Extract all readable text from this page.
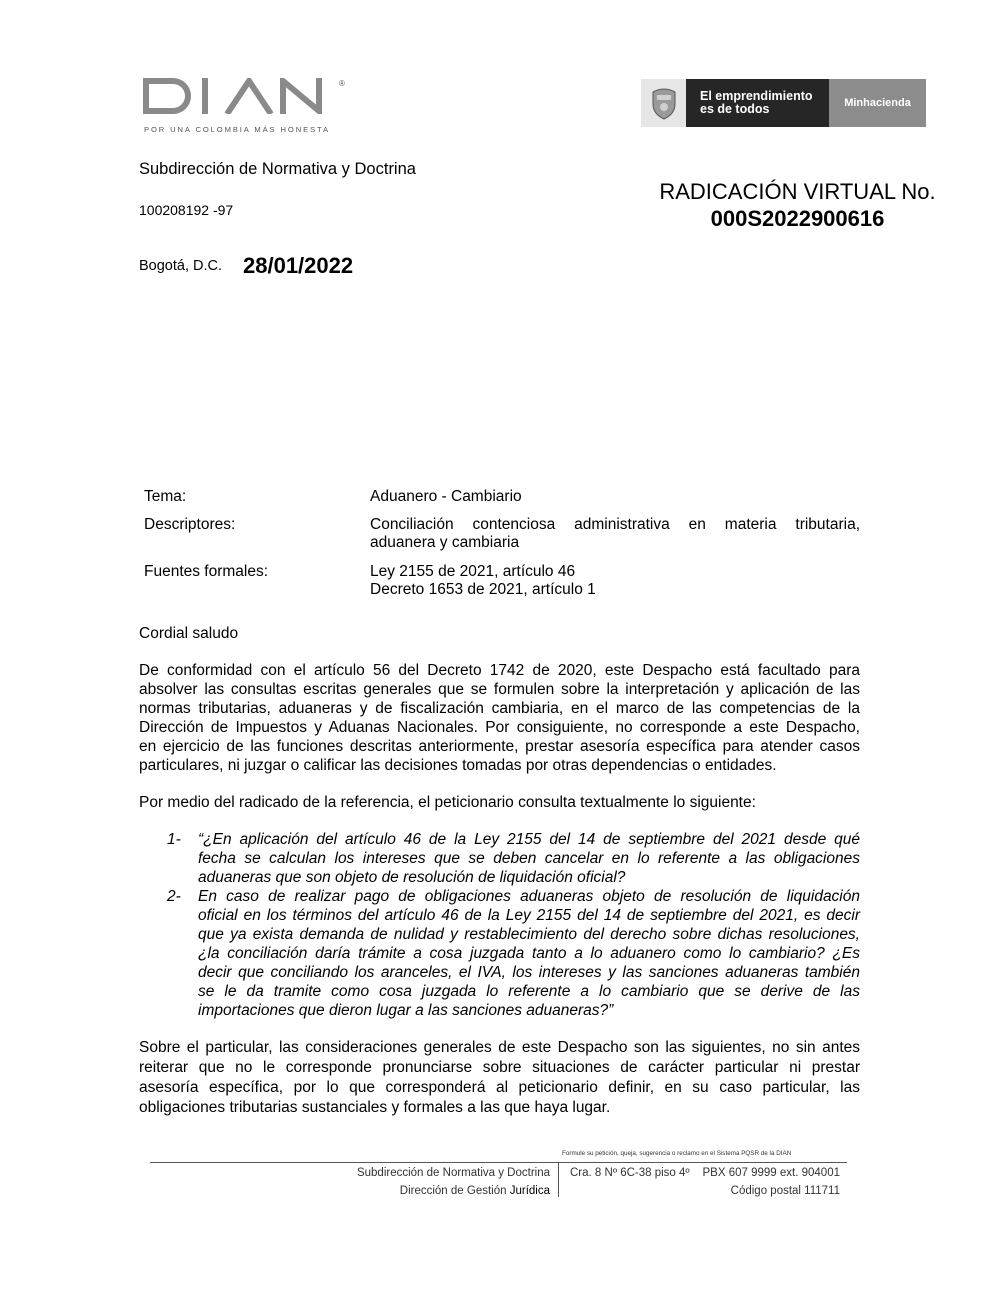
®
POR UNA COLOMBIA MÁS HONESTA
El emprendimiento
es de todos	Minhacienda
Subdirección de Normativa y Doctrina
100208192 -97
RADICACIÓN VIRTUAL No.
000S2022900616
Bogotá, D.C. 28/01/2022
Tema:	Aduanero - Cambiario
Descriptores:	Conciliación contenciosa administrativa en materia tributaria,
aduanera y cambiaria
Fuentes formales:	Ley 2155 de 2021, artículo 46
Decreto 1653 de 2021, artículo 1
Cordial saludo
De conformidad con el artículo 56 del Decreto 1742 de 2020, este Despacho está facultado para
absolver las consultas escritas generales que se formulen sobre la interpretación y aplicación de las
normas tributarias, aduaneras y de fiscalización cambiaria, en el marco de las competencias de la
Dirección de Impuestos y Aduanas Nacionales. Por consiguiente, no corresponde a este Despacho,
en ejercicio de las funciones descritas anteriormente, prestar asesoría específica para atender casos
particulares, ni juzgar o calificar las decisiones tomadas por otras dependencias o entidades.
Por medio del radicado de la referencia, el peticionario consulta textualmente lo siguiente:
1- “¿En aplicación del artículo 46 de la Ley 2155 del 14 de septiembre del 2021 desde qué
fecha se calculan los intereses que se deben cancelar en lo referente a las obligaciones
aduaneras que son objeto de resolución de liquidación oficial?
2- En caso de realizar pago de obligaciones aduaneras objeto de resolución de liquidación
oficial en los términos del artículo 46 de la Ley 2155 del 14 de septiembre del 2021, es decir
que ya exista demanda de nulidad y restablecimiento del derecho sobre dichas resoluciones,
¿la conciliación daría trámite a cosa juzgada tanto a lo aduanero como lo cambiario? ¿Es
decir que conciliando los aranceles, el IVA, los intereses y las sanciones aduaneras también
se le da tramite como cosa juzgada lo referente a lo cambiario que se derive de las
importaciones que dieron lugar a las sanciones aduaneras?”
Sobre el particular, las consideraciones generales de este Despacho son las siguientes, no sin antes
reiterar que no le corresponde pronunciarse sobre situaciones de carácter particular ni prestar
asesoría específica, por lo que corresponderá al peticionario definir, en su caso particular, las
obligaciones tributarias sustanciales y formales a las que haya lugar.
Formule su petición, queja, sugerencia o reclamo en el Sistema PQSR de la DIAN
Subdirección de Normativa y Doctrina
Dirección de Gestión Jurídica
Cra. 8 Nº 6C-38 piso 4º PBX 607 9999 ext. 904001
Código postal 111711
